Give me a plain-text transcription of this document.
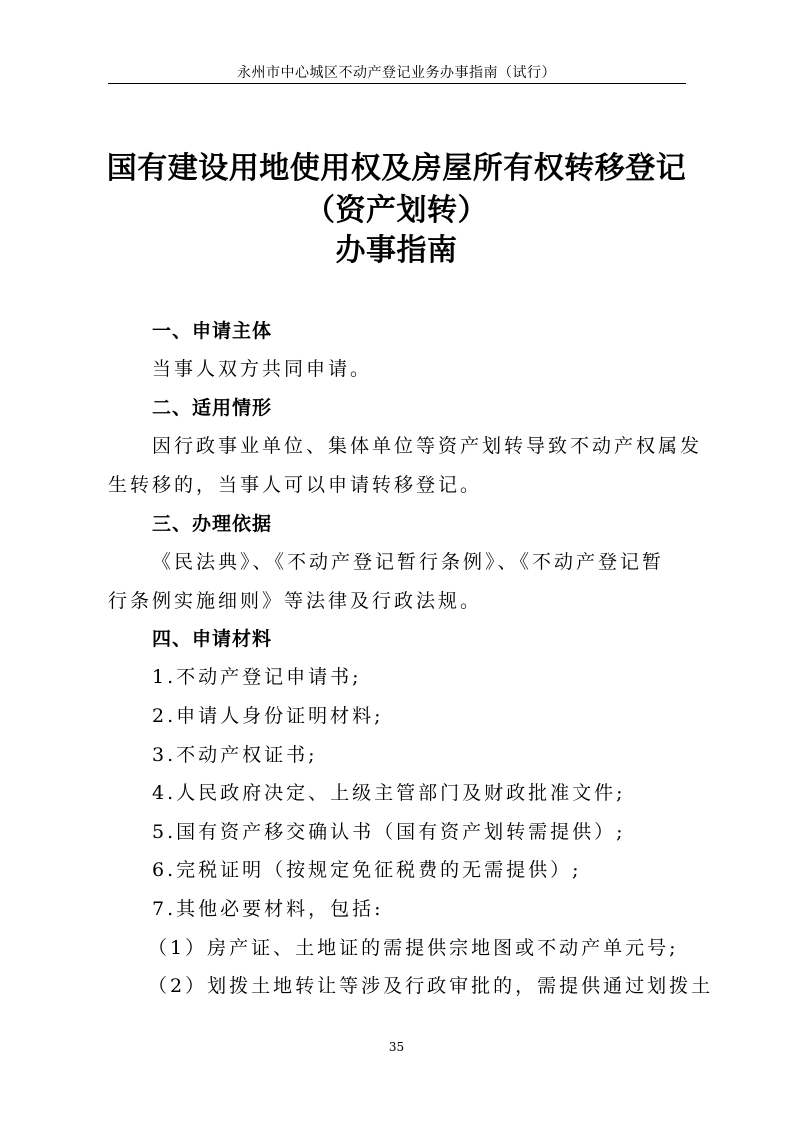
永州市中心城区不动产登记业务办事指南（试行）
国有建设用地使用权及房屋所有权转移登记
（资产划转）
办事指南
一、申请主体
当事人双方共同申请。
二、适用情形
因行政事业单位、集体单位等资产划转导致不动产权属发
生转移的，当事人可以申请转移登记。
三、办理依据
《民法典》、《不动产登记暂行条例》、《不动产登记暂
行条例实施细则》等法律及行政法规。
四、申请材料
1.不动产登记申请书;
2.申请人身份证明材料;
3.不动产权证书;
4.人民政府决定、上级主管部门及财政批准文件;
5.国有资产移交确认书（国有资产划转需提供）;
6.完税证明（按规定免征税费的无需提供）;
7.其他必要材料，包括:
（1）房产证、土地证的需提供宗地图或不动产单元号;
（2）划拨土地转让等涉及行政审批的，需提供通过划拨土
35
